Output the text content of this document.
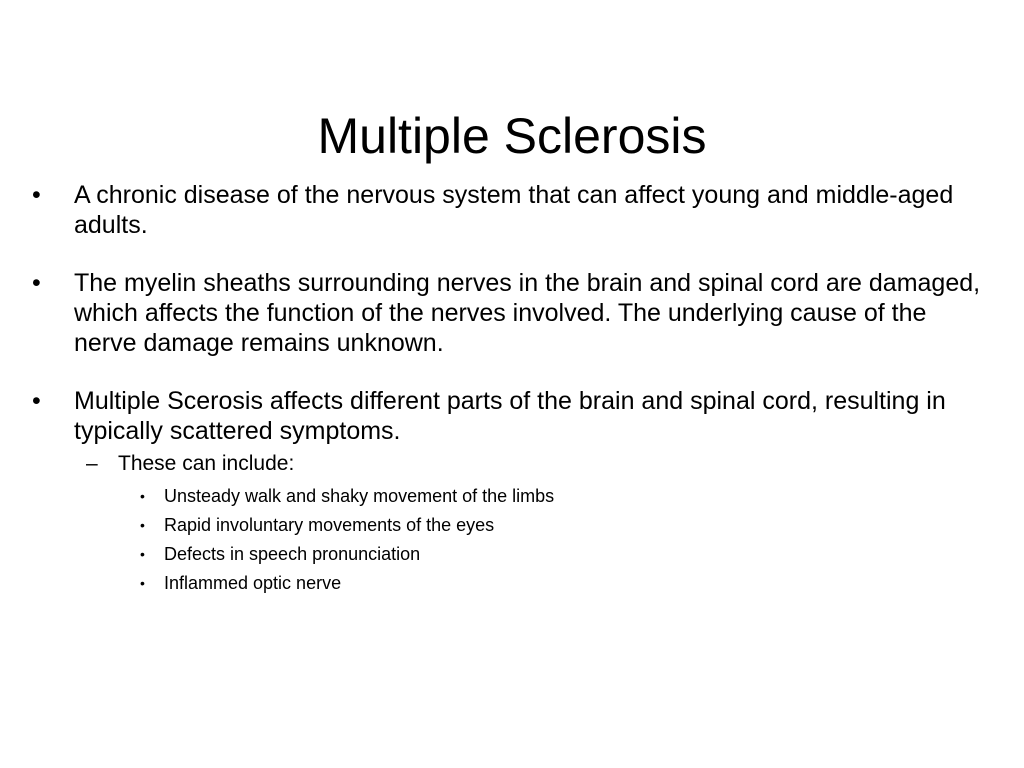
Multiple Sclerosis
• A chronic disease of the nervous system that can affect young and middle-aged adults.
• The myelin sheaths surrounding nerves in the brain and spinal cord are damaged, which affects the function of the nerves involved. The underlying cause of the nerve damage remains unknown.
• Multiple Scerosis affects different parts of the brain and spinal cord, resulting in typically scattered symptoms.
– These can include:
• Unsteady walk and shaky movement of the limbs
• Rapid involuntary movements of the eyes
• Defects in speech pronunciation
• Inflammed optic nerve
